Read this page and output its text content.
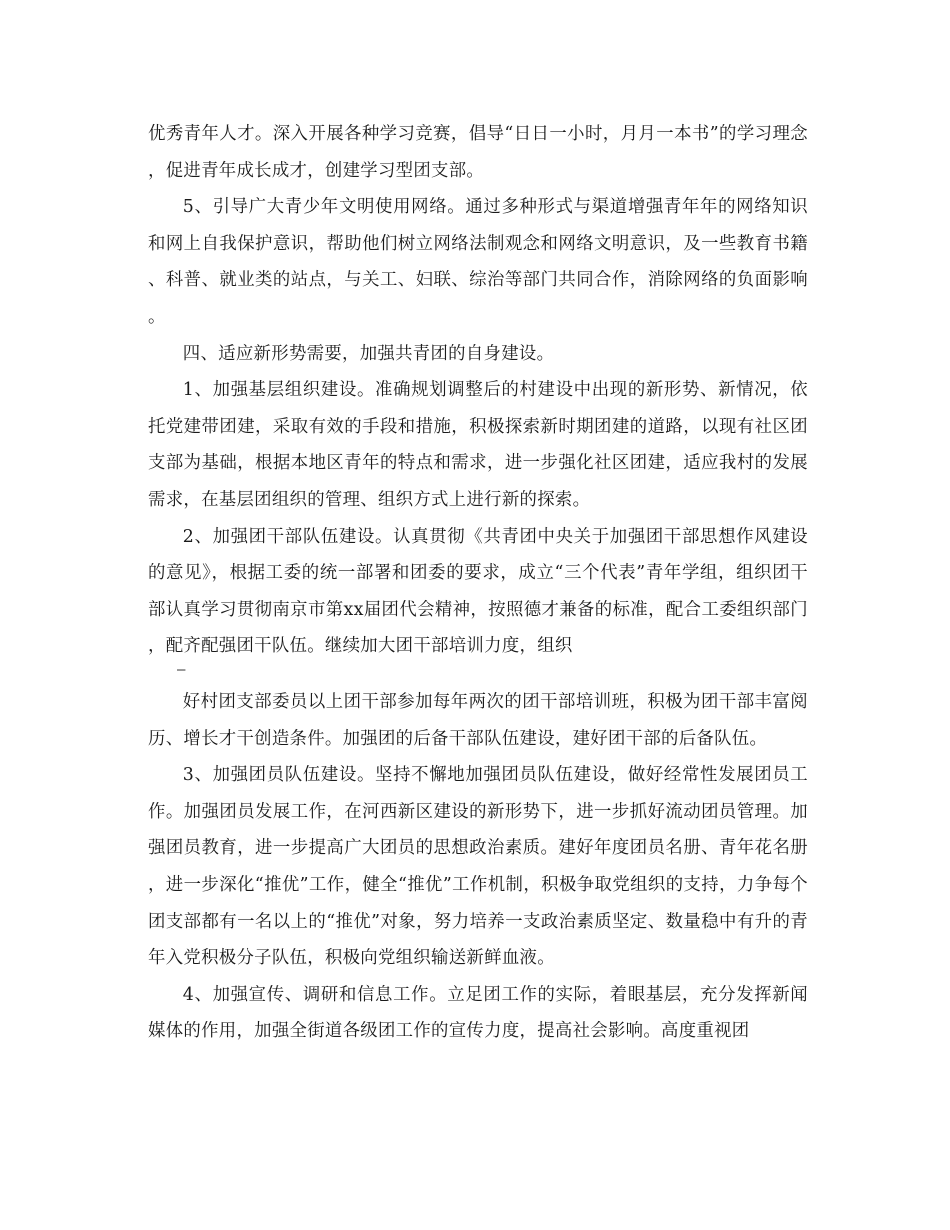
优秀青年人才。深入开展各种学习竞赛，倡导“日日一小时，月月一本书”的学习理念，促进青年成长成才，创建学习型团支部。

5、引导广大青少年文明使用网络。通过多种形式与渠道增强青年年的网络知识和网上自我保护意识，帮助他们树立网络法制观念和网络文明意识，及一些教育书籍、科普、就业类的站点，与关工、妇联、综治等部门共同合作，消除网络的负面影响。

四、适应新形势需要，加强共青团的自身建设。

1、加强基层组织建设。准确规划调整后的村建设中出现的新形势、新情况，依托党建带团建，采取有效的手段和措施，积极探索新时期团建的道路，以现有社区团支部为基础，根据本地区青年的特点和需求，进一步强化社区团建，适应我村的发展需求，在基层团组织的管理、组织方式上进行新的探索。

2、加强团干部队伍建设。认真贯彻《共青团中央关于加强团干部思想作风建设的意见》，根据工委的统一部署和团委的要求，成立“三个代表”青年学组，组织团干部认真学习贯彻南京市第xx届团代会精神，按照德才兼备的标准，配合工委组织部门，配齐配强团干队伍。继续加大团干部培训力度，组织

–

好村团支部委员以上团干部参加每年两次的团干部培训班，积极为团干部丰富阅历、增长才干创造条件。加强团的后备干部队伍建设，建好团干部的后备队伍。

3、加强团员队伍建设。坚持不懈地加强团员队伍建设，做好经常性发展团员工作。加强团员发展工作，在河西新区建设的新形势下，进一步抓好流动团员管理。加强团员教育，进一步提高广大团员的思想政治素质。建好年度团员名册、青年花名册，进一步深化“推优”工作，健全“推优”工作机制，积极争取党组织的支持，力争每个团支部都有一名以上的“推优”对象，努力培养一支政治素质坚定、数量稳中有升的青年入党积极分子队伍，积极向党组织输送新鲜血液。

4、加强宣传、调研和信息工作。立足团工作的实际，着眼基层，充分发挥新闻媒体的作用，加强全街道各级团工作的宣传力度，提高社会影响。高度重视团
